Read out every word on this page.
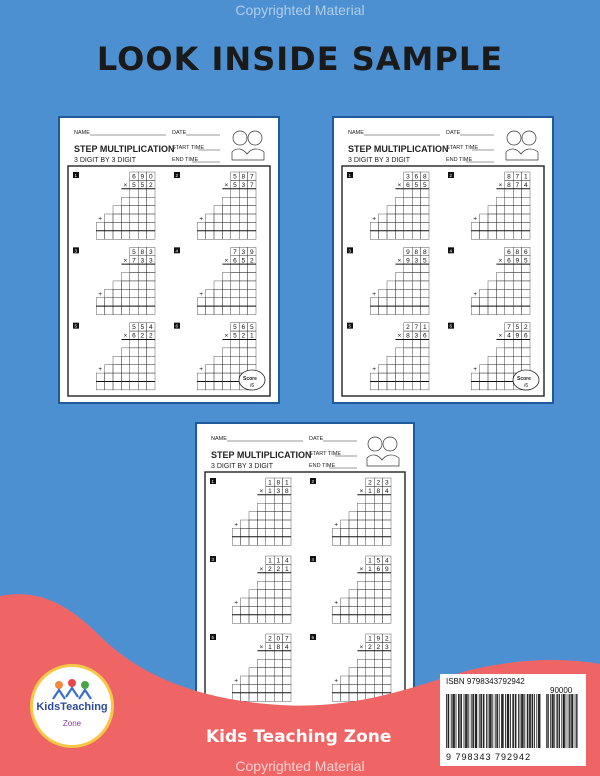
Copyrighted Material
LOOK INSIDE SAMPLE
NAME	DATE
STEP MULTIPLICATION
3 DIGIT BY 3 DIGIT
START TIME
END TIME
1	6 9 0
× 5 5 2
+
2	5 8 7
× 5 3 7
+
3	5 8 3
× 7 3 3
+
4	7 3 9
× 6 5 2
+
5	5 5 4
× 6 2 2
+
6	5 6 5
× 5 2 1
+
Score
/6
NAME	DATE
STEP MULTIPLICATION
3 DIGIT BY 3 DIGIT
START TIME
END TIME
1	3 6 8
× 6 5 5
+
2	8 7 1
× 8 7 4
+
3	9 8 8
× 9 3 5
+
4	6 8 6
× 6 9 5
+
5	2 7 1
× 8 3 6
+
6	7 5 2
× 4 9 6
+
Score
/6
NAME	DATE
STEP MULTIPLICATION
3 DIGIT BY 3 DIGIT
START TIME
END TIME
1	1 8 1
× 1 3 8
+
2	2 2 3
× 1 8 4
+
3	1 1 4
× 2 2 1
+
4	1 5 4
× 1 6 9
+
5	2 0 7
× 1 8 4
+
6	1 9 2
× 2 2 3
+
KidsTeaching
Zone
Kids Teaching Zone
ISBN 9798343792942
90000
9 798343 792942
Copyrighted Material
